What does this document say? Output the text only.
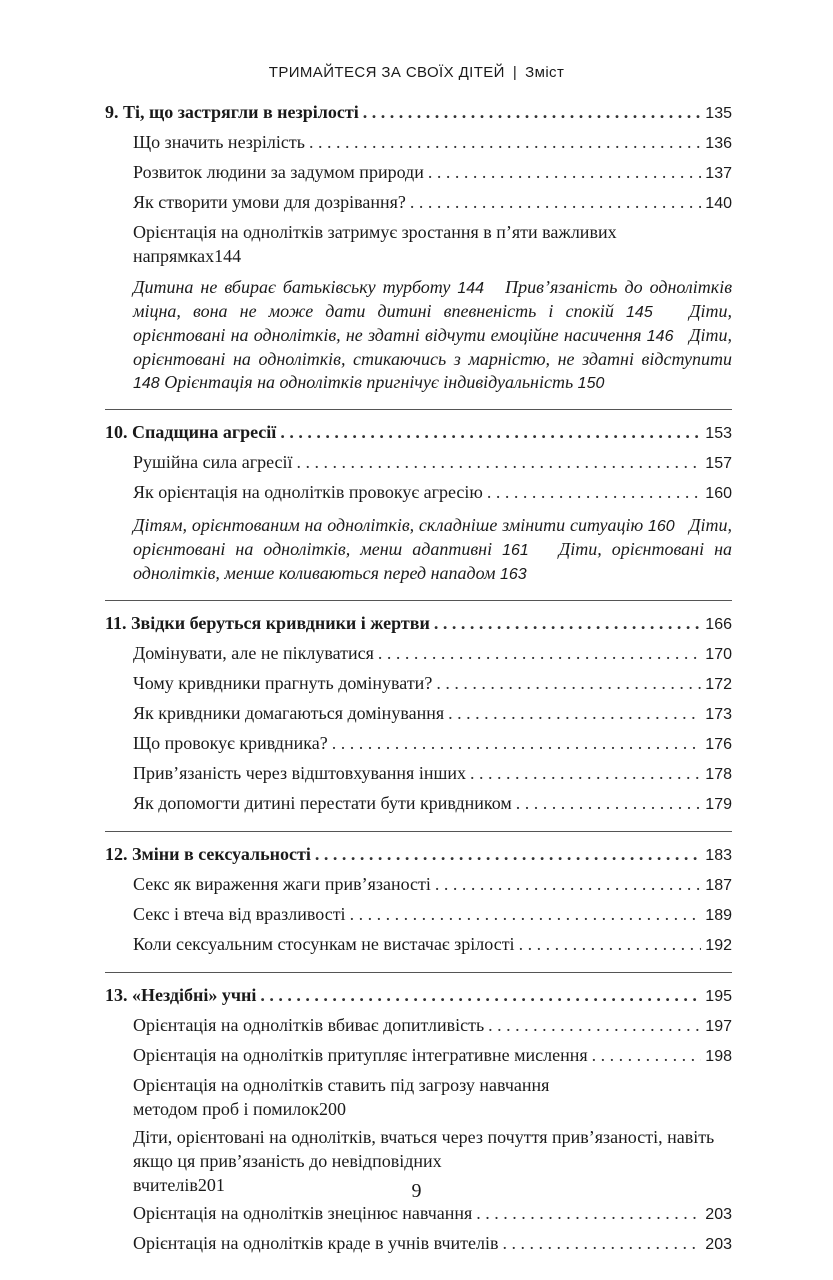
ТРИМАЙТЕСЯ ЗА СВОЇХ ДІТЕЙ | Зміст
9. Ті, що застрягли в незрілості . . .	135
Що значить незрілість . . .	136
Розвиток людини за задумом природи . . .	137
Як створити умови для дозрівання? . . .	140
Орієнтація на однолітків затримує зростання в п’яти важливих
напрямках 144
Дитина не вбирає батьківську турботу 144 Прив’язаність до однолітків міцна, вона не може дати дитині впевненість і спокій 145 Діти, орієнтовані на однолітків, не здатні відчути емоційне насичення 146 Діти, орієнтовані на однолітків, стикаючись з марністю, не здатні відступити 148 Орієнтація на однолітків пригнічує індивідуальність 150
10. Спадщина агресії . . .	153
Рушійна сила агресії . . .	157
Як орієнтація на однолітків провокує агресію . . .	160
Дітям, орієнтованим на однолітків, складніше змінити ситуацію 160 Діти, орієнтовані на однолітків, менш адаптивні 161 Діти, орієнтовані на однолітків, менше коливаються перед нападом 163
11. Звідки беруться кривдники і жертви . . .	166
Домінувати, але не піклуватися . . .	170
Чому кривдники прагнуть домінувати? . . .	172
Як кривдники домагаються домінування . . .	173
Що провокує кривдника? . . .	176
Прив’язаність через відштовхування інших . . .	178
Як допомогти дитині перестати бути кривдником . . .	179
12. Зміни в сексуальності . . .	183
Секс як вираження жаги прив’язаності . . .	187
Секс і втеча від вразливості . . .	189
Коли сексуальним стосункам не вистачає зрілості . . .	192
13. «Нездібні» учні . . .	195
Орієнтація на однолітків вбиває допитливість . . .	197
Орієнтація на однолітків притупляє інтегративне мислення . . .	198
Орієнтація на однолітків ставить під загрозу навчання
методом проб і помилок 200
Діти, орієнтовані на однолітків, вчаться через почуття прив’язаності, навіть якщо ця прив’язаність до невідповідних
вчителів 201
Орієнтація на однолітків знецінює навчання . . .	203
Орієнтація на однолітків краде в учнів вчителів . . .	203
9
